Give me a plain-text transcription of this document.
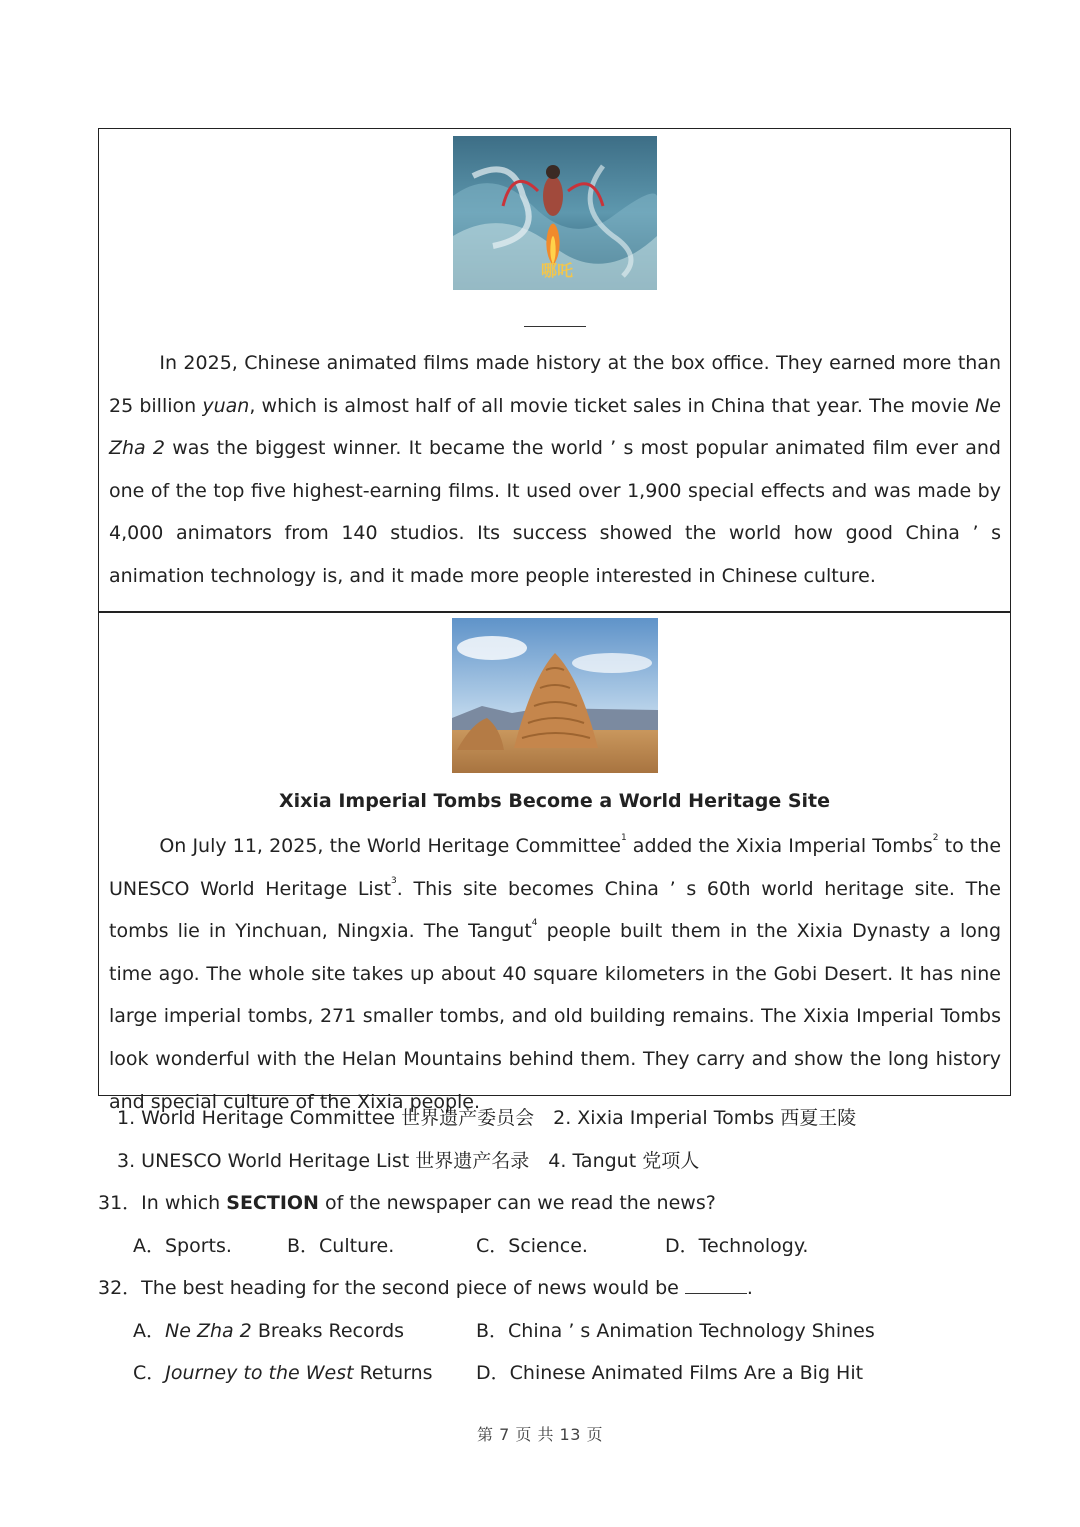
哪吒
In 2025, Chinese animated films made history at the box office. They earned more than 25 billion yuan, which is almost half of all movie ticket sales in China that year. The movie Ne Zha 2 was the biggest winner. It became the world ’ s most popular animated film ever and one of the top five highest-earning films. It used over 1,900 special effects and was made by 4,000 animators from 140 studios. Its success showed the world how good China ’ s animation technology is, and it made more people interested in Chinese culture.
Xixia Imperial Tombs Become a World Heritage Site
On July 11, 2025, the World Heritage Committee$^1$ added the Xixia Imperial Tombs$^2$ to the UNESCO World Heritage List$^3$. This site becomes China ’ s 60th world heritage site. The tombs lie in Yinchuan, Ningxia. The Tangut$^4$ people built them in the Xixia Dynasty a long time ago. The whole site takes up about 40 square kilometers in the Gobi Desert. It has nine large imperial tombs, 271 smaller tombs, and old building remains. The Xixia Imperial Tombs look wonderful with the Helan Mountains behind them. They carry and show the long history and special culture of the Xixia people.
1. World Heritage Committee 世界遗产委员会　2. Xixia Imperial Tombs 西夏王陵
3. UNESCO World Heritage List 世界遗产名录　4. Tangut 党项人
31．In which SECTION of the newspaper can we read the news?
A．Sports.	B．Culture.	C．Science.	D．Technology.
32．The best heading for the second piece of news would be	.
A．Ne Zha 2 Breaks Records	B．China ’ s Animation Technology Shines
C．Journey to the West Returns D．Chinese Animated Films Are a Big Hit
第 7 页 共 13 页
